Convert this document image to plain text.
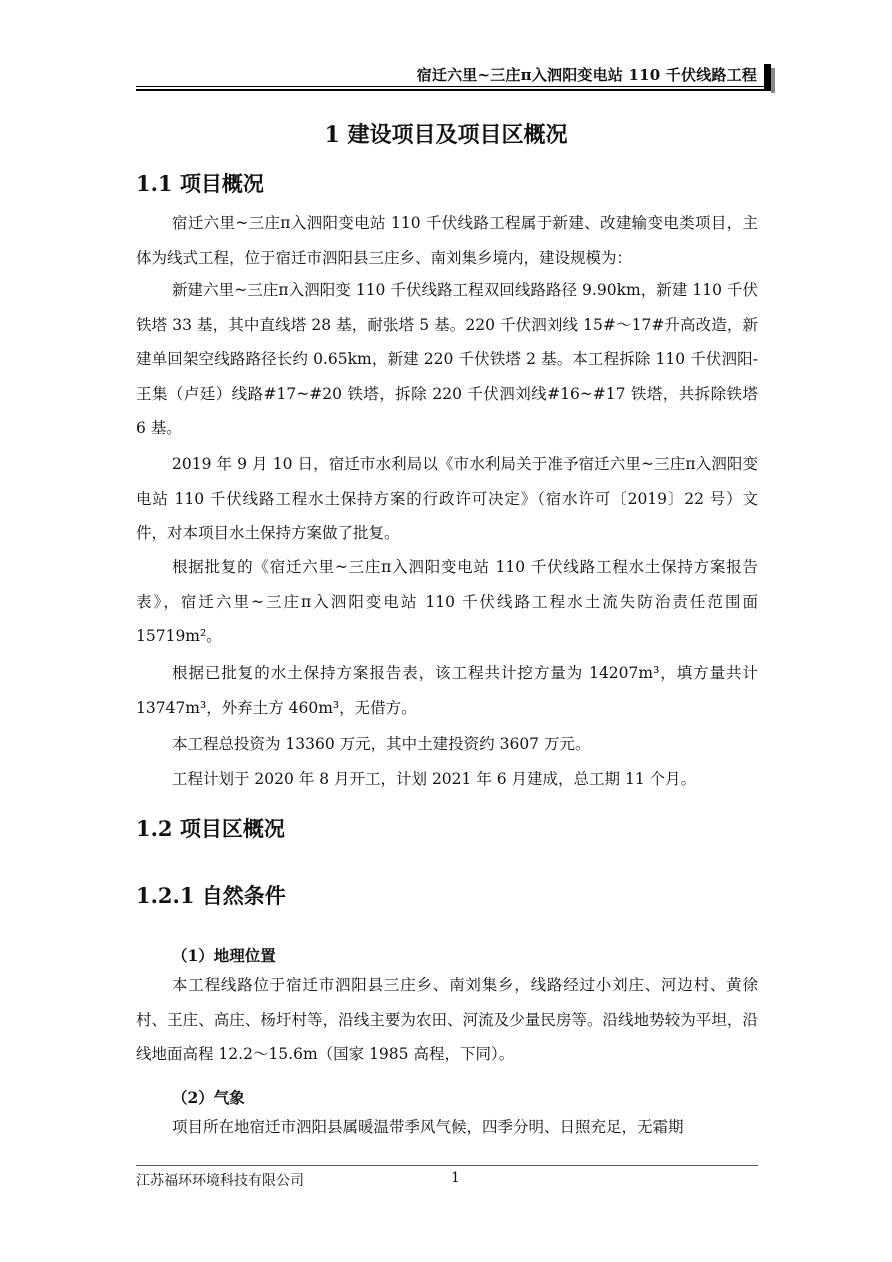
宿迁六里~三庄π入泗阳变电站 110 千伏线路工程
1 建设项目及项目区概况
1.1 项目概况

宿迁六里~三庄π入泗阳变电站 110 千伏线路工程属于新建、改建输变电类项目，主体为线式工程，位于宿迁市泗阳县三庄乡、南刘集乡境内，建设规模为：

新建六里~三庄π入泗阳变 110 千伏线路工程双回线路路径 9.90km，新建 110 千伏铁塔 33 基，其中直线塔 28 基，耐张塔 5 基。220 千伏泗刘线 15#～17#升高改造，新建单回架空线路路径长约 0.65km，新建 220 千伏铁塔 2 基。本工程拆除 110 千伏泗阳-王集（卢廷）线路#17~#20 铁塔，拆除 220 千伏泗刘线#16~#17 铁塔，共拆除铁塔 6 基。

2019 年 9 月 10 日，宿迁市水利局以《市水利局关于准予宿迁六里~三庄π入泗阳变电站 110 千伏线路工程水土保持方案的行政许可决定》（宿水许可〔2019〕22 号）文件，对本项目水土保持方案做了批复。

根据批复的《宿迁六里~三庄π入泗阳变电站 110 千伏线路工程水土保持方案报告表》，宿迁六里~三庄π入泗阳变电站 110 千伏线路工程水土流失防治责任范围面 15719m²。

根据已批复的水土保持方案报告表，该工程共计挖方量为 14207m³，填方量共计 13747m³，外弃土方 460m³，无借方。

本工程总投资为 13360 万元，其中土建投资约 3607 万元。

工程计划于 2020 年 8 月开工，计划 2021 年 6 月建成，总工期 11 个月。

1.2 项目区概况
1.2.1 自然条件
（1）地理位置

本工程线路位于宿迁市泗阳县三庄乡、南刘集乡，线路经过小刘庄、河边村、黄徐村、王庄、高庄、杨圩村等，沿线主要为农田、河流及少量民房等。沿线地势较为平坦，沿线地面高程 12.2～15.6m（国家 1985 高程，下同）。

（2）气象

项目所在地宿迁市泗阳县属暖温带季风气候，四季分明、日照充足，无霜期

江苏福环环境科技有限公司	1
